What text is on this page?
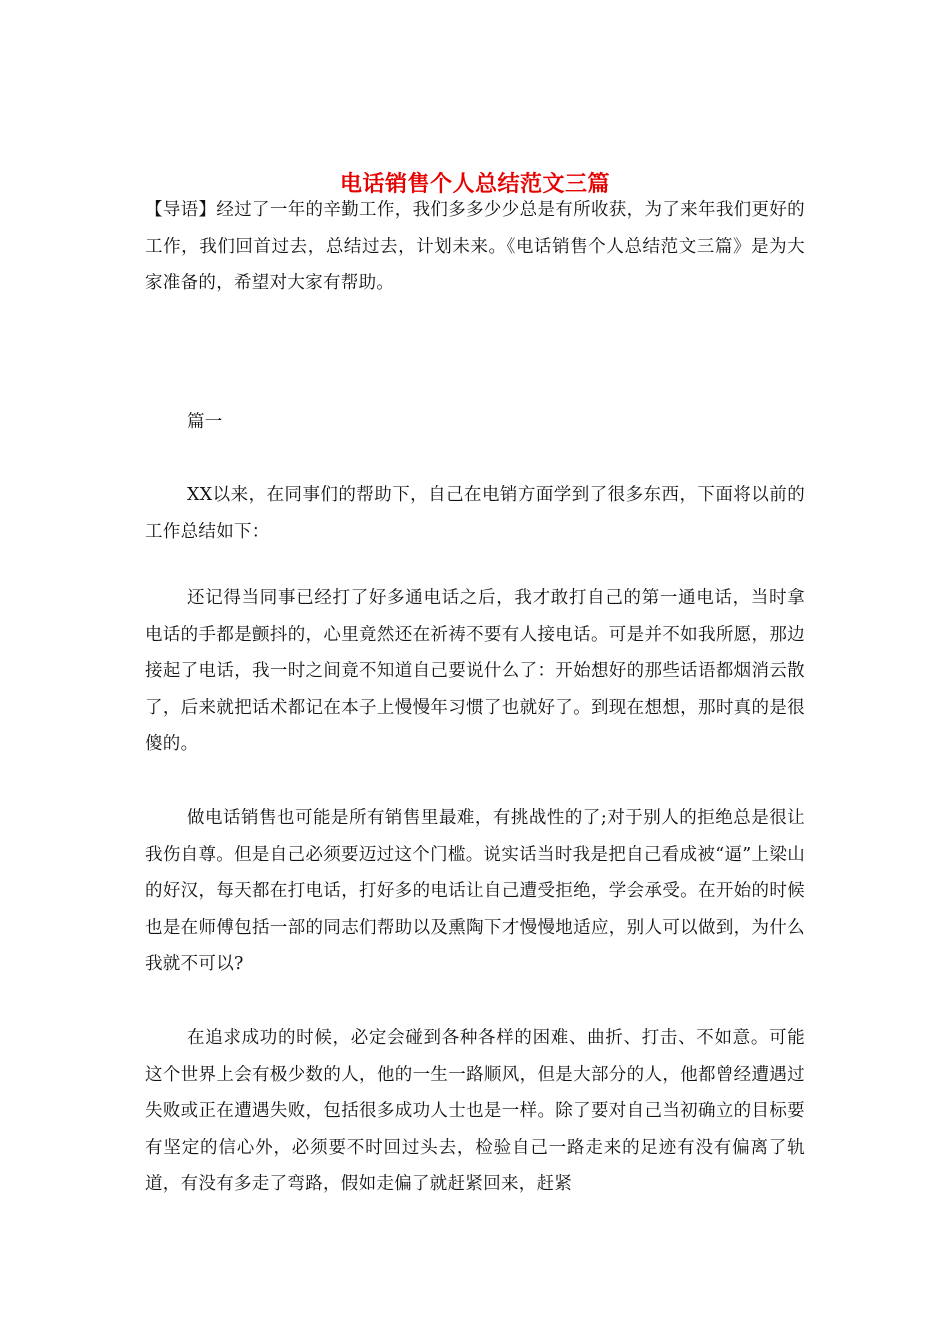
电话销售个人总结范文三篇

【导语】经过了一年的辛勤工作，我们多多少少总是有所收获，为了来年我们更好的工作，我们回首过去，总结过去，计划未来。《电话销售个人总结范文三篇》是为大家准备的，希望对大家有帮助。

篇一

XX以来，在同事们的帮助下，自己在电销方面学到了很多东西，下面将以前的工作总结如下：

还记得当同事已经打了好多通电话之后，我才敢打自己的第一通电话，当时拿电话的手都是颤抖的，心里竟然还在祈祷不要有人接电话。可是并不如我所愿，那边接起了电话，我一时之间竟不知道自己要说什么了：开始想好的那些话语都烟消云散了，后来就把话术都记在本子上慢慢年习惯了也就好了。到现在想想，那时真的是很傻的。

做电话销售也可能是所有销售里最难，有挑战性的了;对于别人的拒绝总是很让我伤自尊。但是自己必须要迈过这个门槛。说实话当时我是把自己看成被“逼”上梁山的好汉，每天都在打电话，打好多的电话让自己遭受拒绝，学会承受。在开始的时候也是在师傅包括一部的同志们帮助以及熏陶下才慢慢地适应，别人可以做到，为什么我就不可以?

在追求成功的时候，必定会碰到各种各样的困难、曲折、打击、不如意。可能这个世界上会有极少数的人，他的一生一路顺风，但是大部分的人，他都曾经遭遇过失败或正在遭遇失败，包括很多成功人士也是一样。除了要对自己当初确立的目标要有坚定的信心外，必须要不时回过头去，检验自己一路走来的足迹有没有偏离了轨道，有没有多走了弯路，假如走偏了就赶紧回来，赶紧
